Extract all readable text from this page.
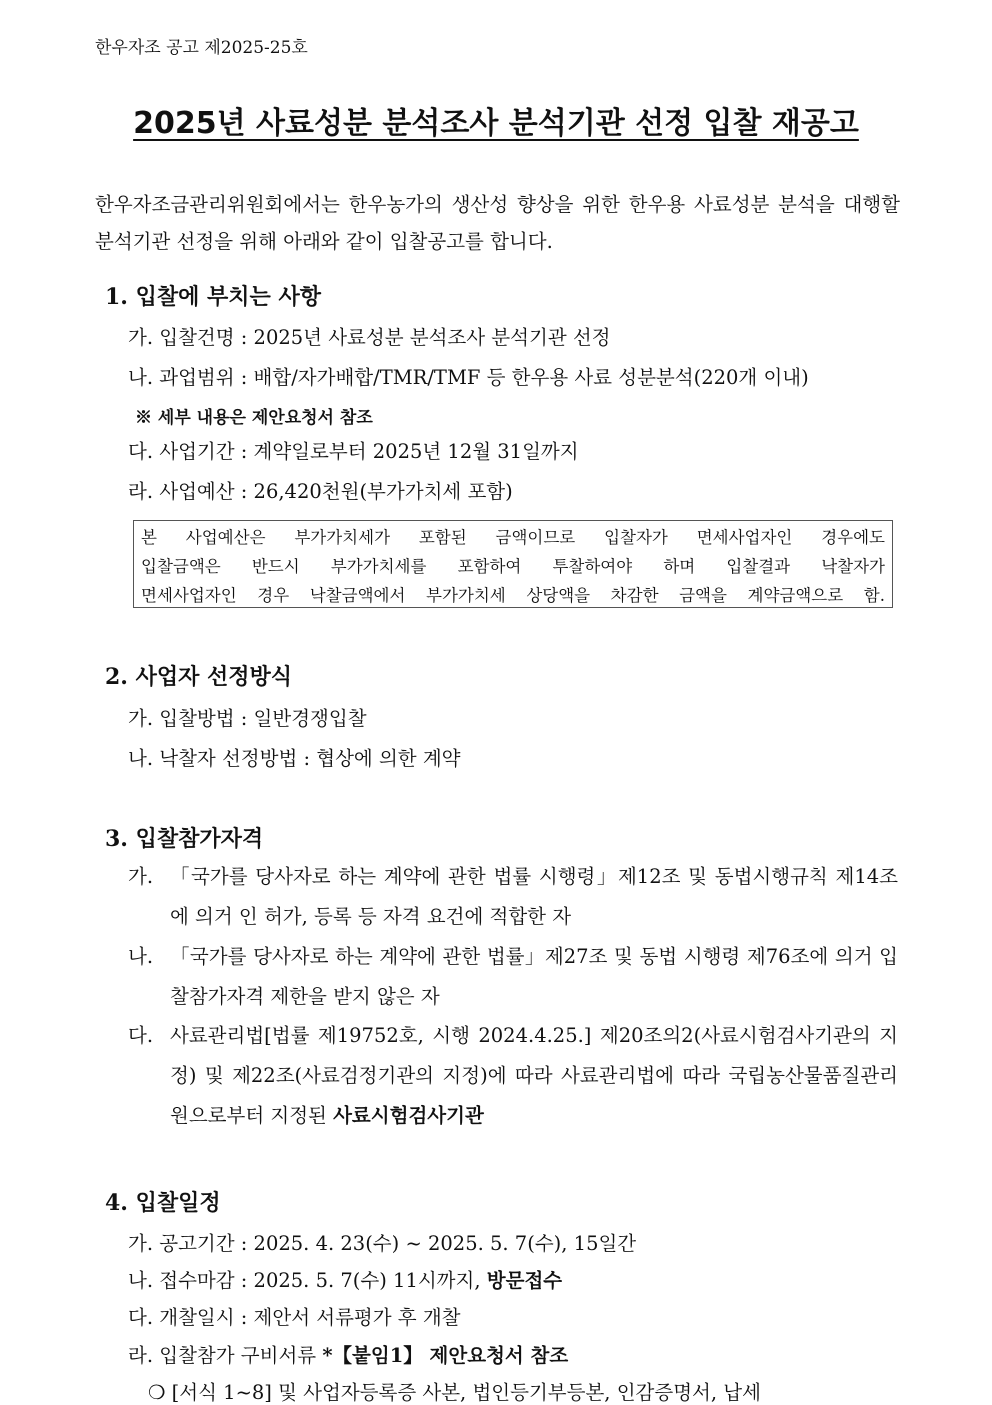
한우자조 공고 제2025-25호
2025년 사료성분 분석조사 분석기관 선정 입찰 재공고
한우자조금관리위원회에서는 한우농가의 생산성 향상을 위한 한우용 사료성분 분석을 대행할 분석기관 선정을 위해 아래와 같이 입찰공고를 합니다.
1. 입찰에 부치는 사항
가. 입찰건명 : 2025년 사료성분 분석조사 분석기관 선정
나. 과업범위 : 배합/자가배합/TMR/TMF 등 한우용 사료 성분분석(220개 이내)
※ 세부 내용은 제안요청서 참조
다. 사업기간 : 계약일로부터 2025년 12월 31일까지
라. 사업예산 : 26,420천원(부가가치세 포함)
본 사업예산은 부가가치세가 포함된 금액이므로 입찰자가 면세사업자인 경우에도
입찰금액은 반드시 부가가치세를 포함하여 투찰하여야 하며 입찰결과 낙찰자가
면세사업자인 경우 낙찰금액에서 부가가치세 상당액을 차감한 금액을 계약금액으로 함.
2. 사업자 선정방식
가. 입찰방법 : 일반경쟁입찰
나. 낙찰자 선정방법 : 협상에 의한 계약
3. 입찰참가자격
가. 「국가를 당사자로 하는 계약에 관한 법률 시행령」제12조 및 동법시행규칙 제14조에 의거 인 허가, 등록 등 자격 요건에 적합한 자
나. 「국가를 당사자로 하는 계약에 관한 법률」제27조 및 동법 시행령 제76조에 의거 입찰참가자격 제한을 받지 않은 자
다. 사료관리법[법률 제19752호, 시행 2024.4.25.] 제20조의2(사료시험검사기관의 지정) 및 제22조(사료검정기관의 지정)에 따라 사료관리법에 따라 국립농산물품질관리원으로부터 지정된 사료시험검사기관
4. 입찰일정
가. 공고기간 : 2025. 4. 23(수) ~ 2025. 5. 7(수), 15일간
나. 접수마감 : 2025. 5. 7(수) 11시까지, 방문접수
다. 개찰일시 : 제안서 서류평가 후 개찰
라. 입찰참가 구비서류 *【붙임1】 제안요청서 참조
❍ [서식 1~8] 및 사업자등록증 사본, 법인등기부등본, 인감증명서, 납세
